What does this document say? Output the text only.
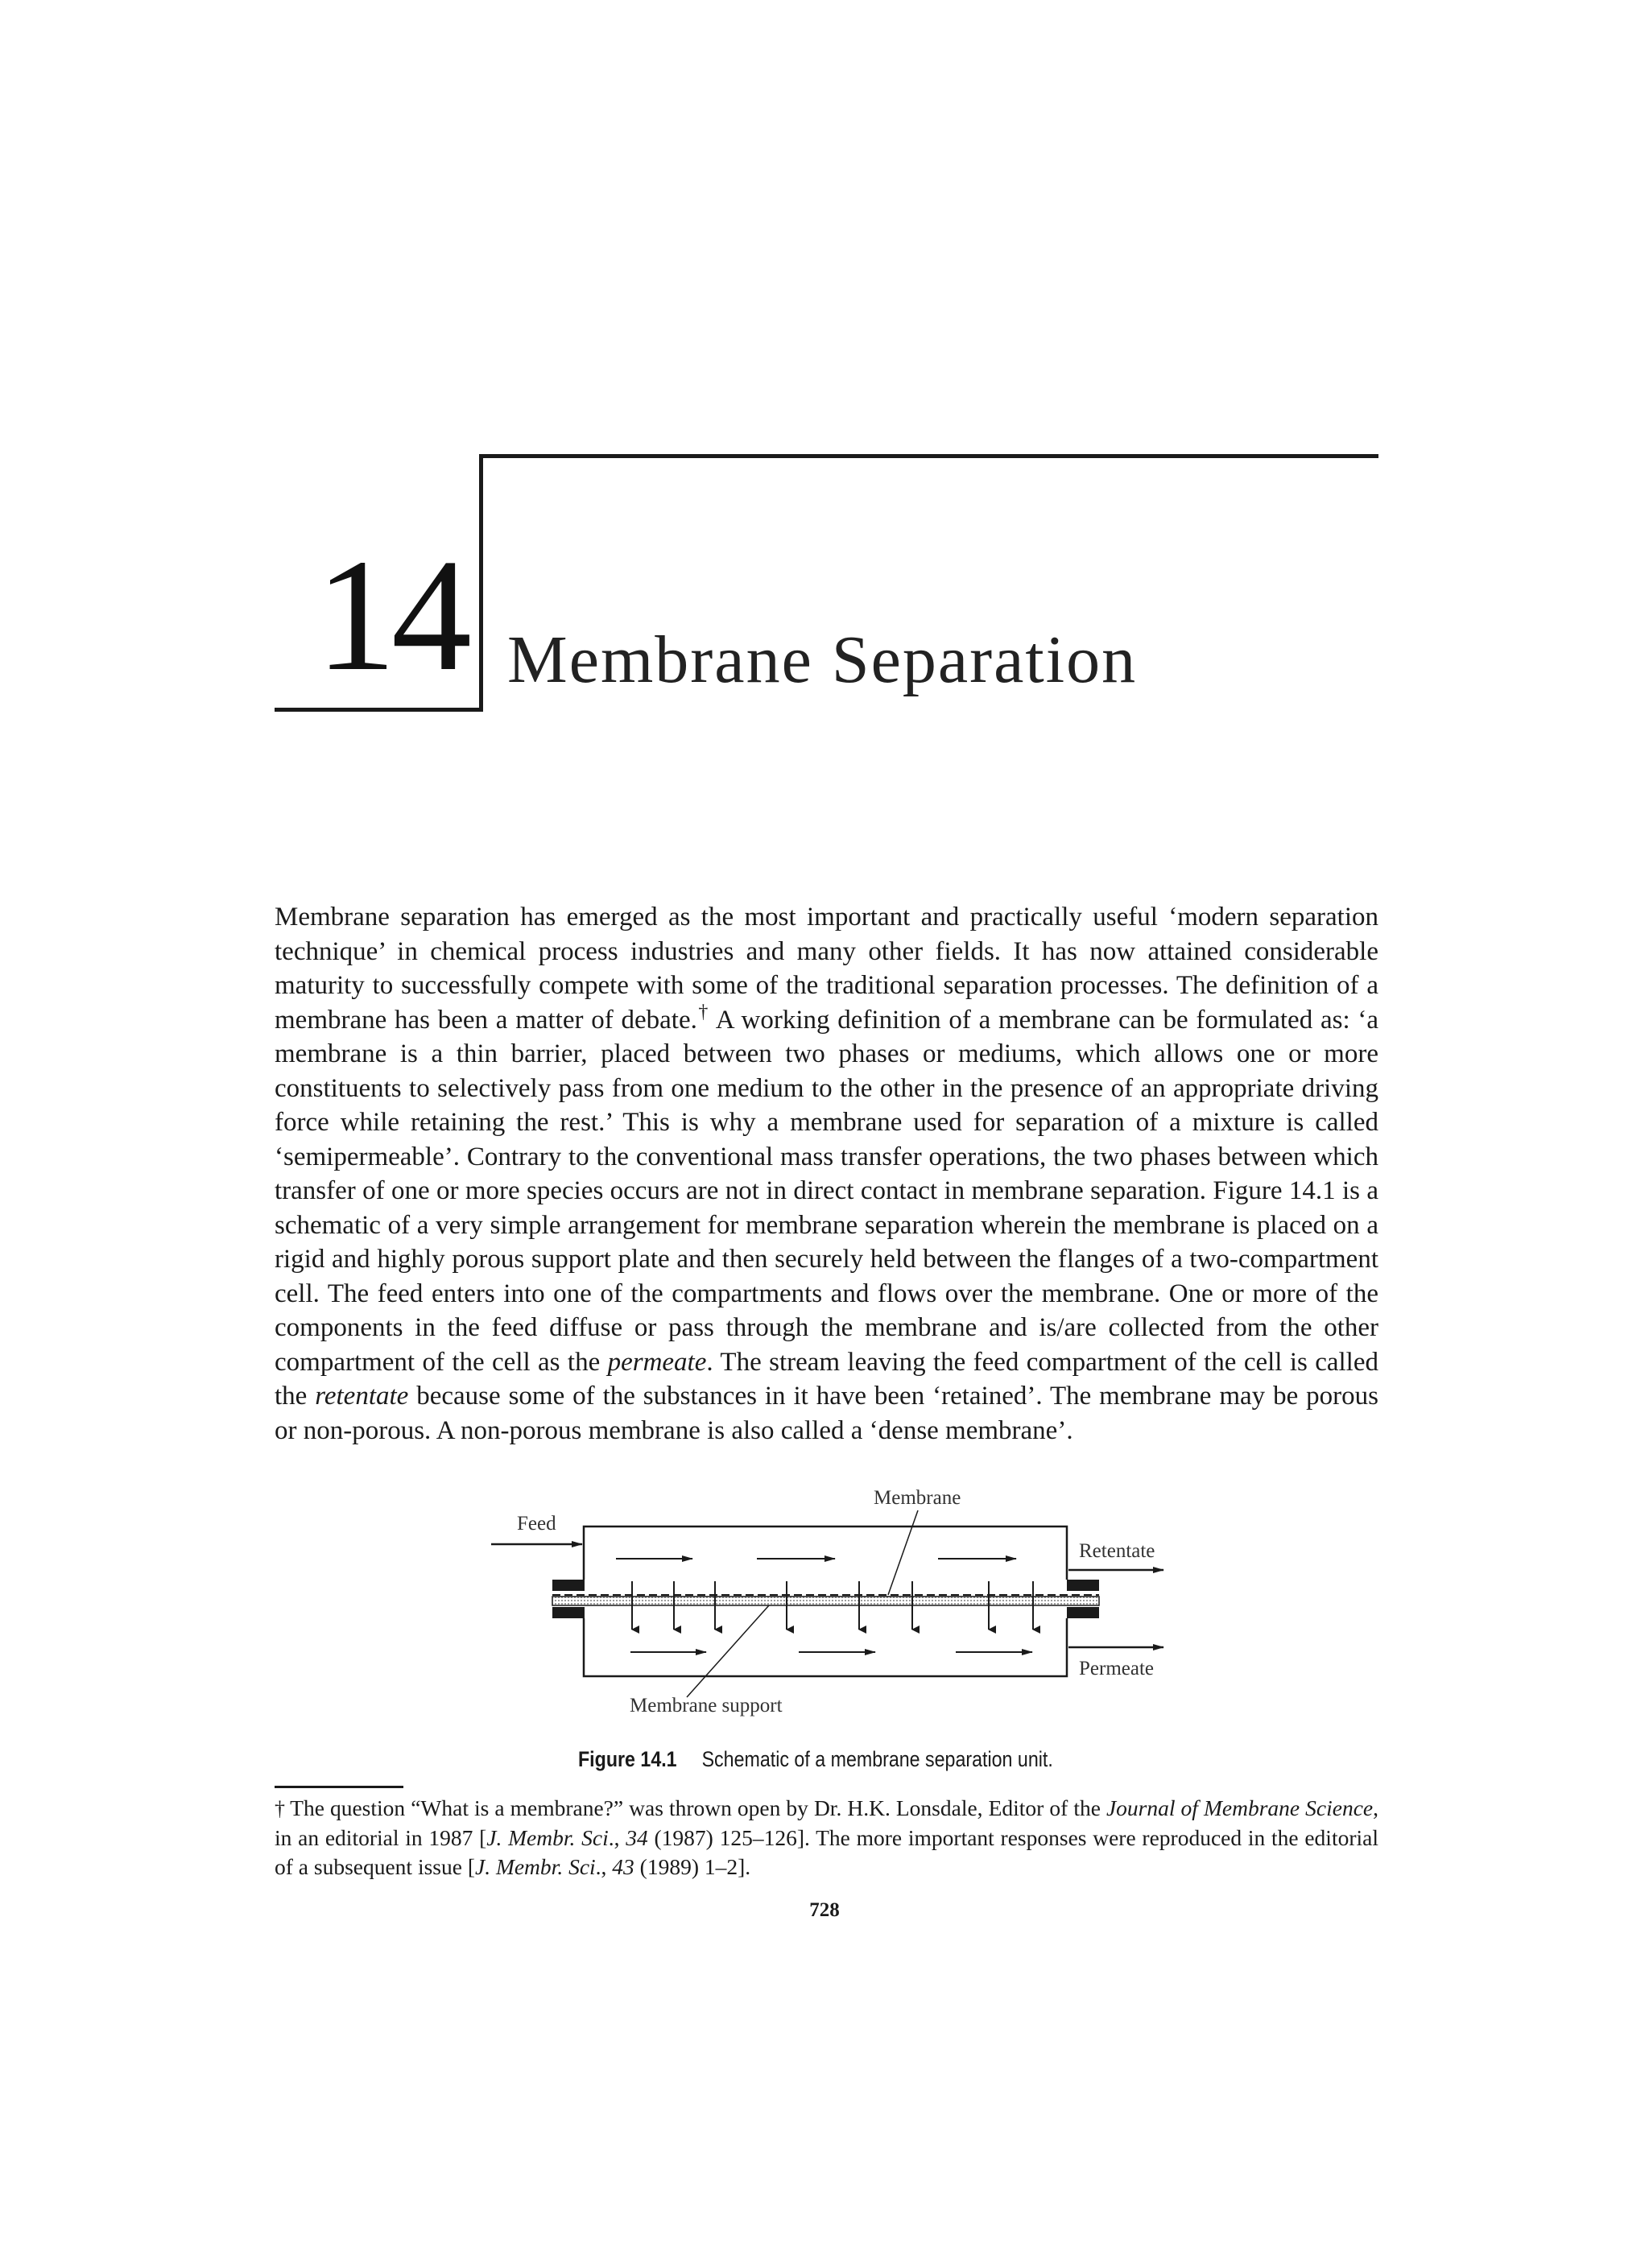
14 Membrane Separation

Membrane separation has emerged as the most important and practically useful ‘modern separation technique’ in chemical process industries and many other fields. It has now attained considerable maturity to successfully compete with some of the traditional separation processes. The definition of a membrane has been a matter of debate.† A working definition of a membrane can be formulated as: ‘a membrane is a thin barrier, placed between two phases or mediums, which allows one or more constituents to selectively pass from one medium to the other in the presence of an appropriate driving force while retaining the rest.’ This is why a membrane used for separation of a mixture is called ‘semipermeable’. Contrary to the conventional mass transfer operations, the two phases between which transfer of one or more species occurs are not in direct contact in membrane separation. Figure 14.1 is a schematic of a very simple arrangement for membrane separation wherein the membrane is placed on a rigid and highly porous support plate and then securely held between the flanges of a two-compartment cell. The feed enters into one of the compartments and flows over the membrane. One or more of the components in the feed diffuse or pass through the membrane and is/are collected from the other compartment of the cell as the permeate. The stream leaving the feed compartment of the cell is called the retentate because some of the substances in it have been ‘retained’. The membrane may be porous or non-porous. A non-porous membrane is also called a ‘dense membrane’.

Feed
Retentate
Permeate
Membrane
Membrane support
Figure 14.1 Schematic of a membrane separation unit.

† The question “What is a membrane?” was thrown open by Dr. H.K. Lonsdale, Editor of the Journal of Membrane Science, in an editorial in 1987 [J. Membr. Sci., 34 (1987) 125–126]. The more important responses were reproduced in the editorial of a subsequent issue [J. Membr. Sci., 43 (1989) 1–2].

728
